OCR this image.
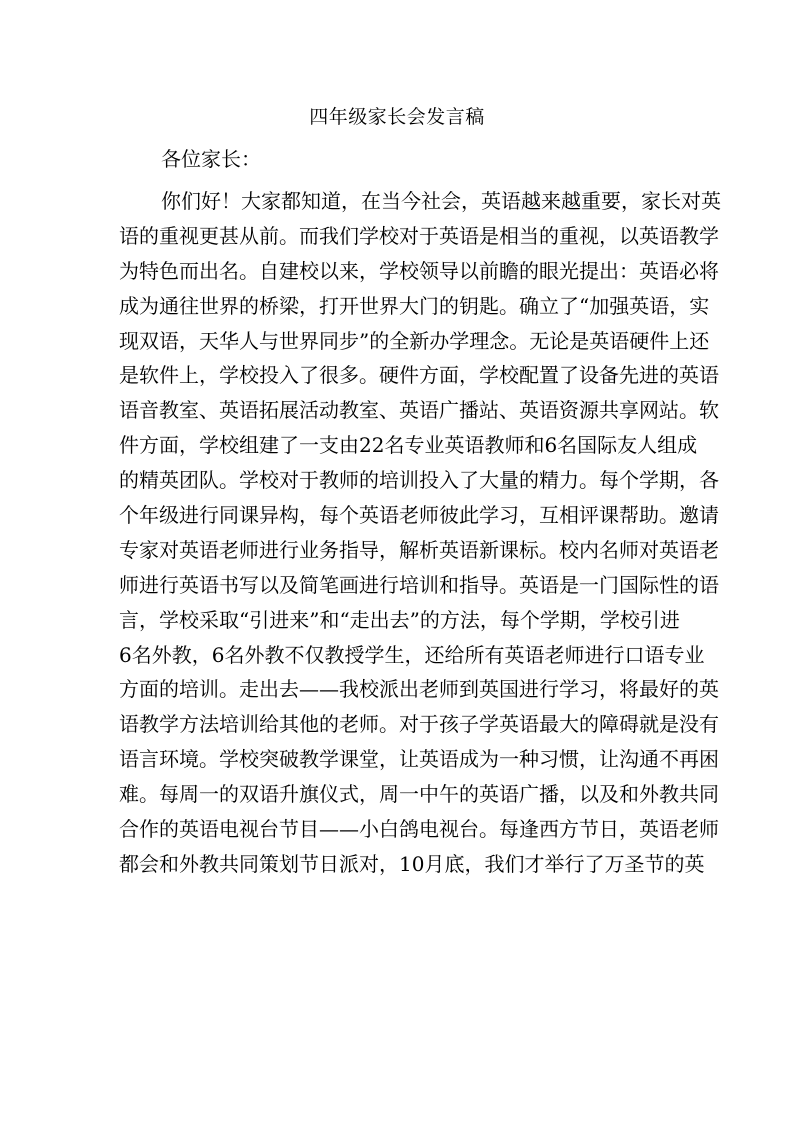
四年级家长会发言稿
各位家长：
你们好！大家都知道，在当今社会，英语越来越重要，家长对英
语的重视更甚从前。而我们学校对于英语是相当的重视，以英语教学
为特色而出名。自建校以来，学校领导以前瞻的眼光提出：英语必将
成为通往世界的桥梁，打开世界大门的钥匙。确立了“加强英语，实
现双语，天华人与世界同步”的全新办学理念。无论是英语硬件上还
是软件上，学校投入了很多。硬件方面，学校配置了设备先进的英语
语音教室、英语拓展活动教室、英语广播站、英语资源共享网站。软
件方面，学校组建了一支由22名专业英语教师和6名国际友人组成
的精英团队。学校对于教师的培训投入了大量的精力。每个学期，各
个年级进行同课异构，每个英语老师彼此学习，互相评课帮助。邀请
专家对英语老师进行业务指导，解析英语新课标。校内名师对英语老
师进行英语书写以及简笔画进行培训和指导。英语是一门国际性的语
言，学校采取“引进来”和“走出去”的方法，每个学期，学校引进
6名外教，6名外教不仅教授学生，还给所有英语老师进行口语专业
方面的培训。走出去——我校派出老师到英国进行学习，将最好的英
语教学方法培训给其他的老师。对于孩子学英语最大的障碍就是没有
语言环境。学校突破教学课堂，让英语成为一种习惯，让沟通不再困
难。每周一的双语升旗仪式，周一中午的英语广播，以及和外教共同
合作的英语电视台节目——小白鸽电视台。每逢西方节日，英语老师
都会和外教共同策划节日派对，10月底，我们才举行了万圣节的英
